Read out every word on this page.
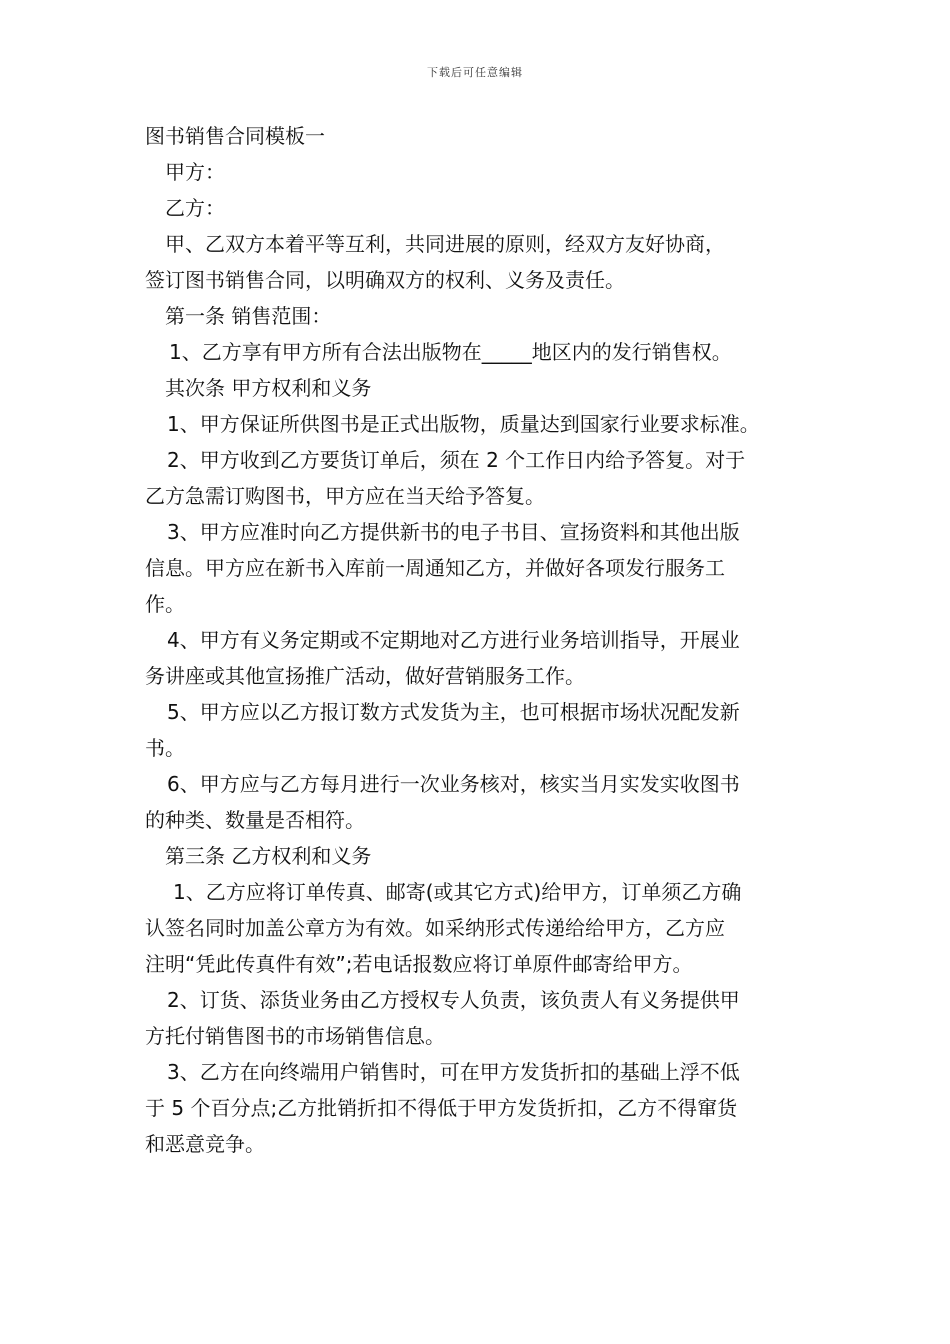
下载后可任意编辑
图书销售合同模板一
甲方：
乙方：
甲、乙双方本着平等互利，共同进展的原则，经双方友好协商，
签订图书销售合同，以明确双方的权利、义务及责任。
第一条 销售范围：
1、乙方享有甲方所有合法出版物在_____地区内的发行销售权。
其次条 甲方权利和义务
1、甲方保证所供图书是正式出版物，质量达到国家行业要求标准。
2、甲方收到乙方要货订单后，须在 2 个工作日内给予答复。对于
乙方急需订购图书，甲方应在当天给予答复。
3、甲方应准时向乙方提供新书的电子书目、宣扬资料和其他出版
信息。甲方应在新书入库前一周通知乙方，并做好各项发行服务工
作。
4、甲方有义务定期或不定期地对乙方进行业务培训指导，开展业
务讲座或其他宣扬推广活动，做好营销服务工作。
5、甲方应以乙方报订数方式发货为主，也可根据市场状况配发新
书。
6、甲方应与乙方每月进行一次业务核对，核实当月实发实收图书
的种类、数量是否相符。
第三条 乙方权利和义务
1、乙方应将订单传真、邮寄(或其它方式)给甲方，订单须乙方确
认签名同时加盖公章方为有效。如采纳形式传递给给甲方，乙方应
注明“凭此传真件有效”;若电话报数应将订单原件邮寄给甲方。
2、订货、添货业务由乙方授权专人负责，该负责人有义务提供甲
方托付销售图书的市场销售信息。
3、乙方在向终端用户销售时，可在甲方发货折扣的基础上浮不低
于 5 个百分点;乙方批销折扣不得低于甲方发货折扣，乙方不得窜货
和恶意竞争。
